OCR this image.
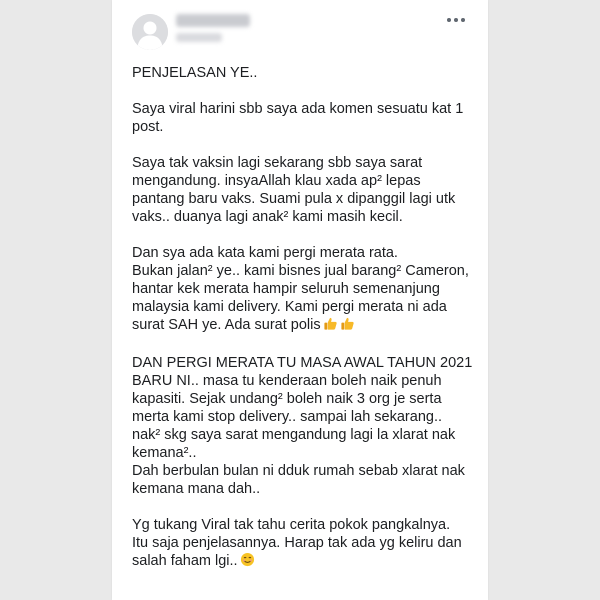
PENJELASAN YE..

Saya viral harini sbb saya ada komen sesuatu kat 1
post.

Saya tak vaksin lagi sekarang sbb saya sarat
mengandung. insyaAllah klau xada ap² lepas
pantang baru vaks. Suami pula x dipanggil lagi utk
vaks.. duanya lagi anak² kami masih kecil.

Dan sya ada kata kami pergi merata rata.
Bukan jalan² ye.. kami bisnes jual barang² Cameron,
hantar kek merata hampir seluruh semenanjung
malaysia kami delivery. Kami pergi merata ni ada
surat SAH ye. Ada surat polis

DAN PERGI MERATA TU MASA AWAL TAHUN 2021
BARU NI.. masa tu kenderaan boleh naik penuh
kapasiti. Sejak undang² boleh naik 3 org je serta
merta kami stop delivery.. sampai lah sekarang..
nak² skg saya sarat mengandung lagi la xlarat nak
kemana²..
Dah berbulan bulan ni dduk rumah sebab xlarat nak
kemana mana dah..

Yg tukang Viral tak tahu cerita pokok pangkalnya.
Itu saja penjelasannya. Harap tak ada yg keliru dan
salah faham lgi..
